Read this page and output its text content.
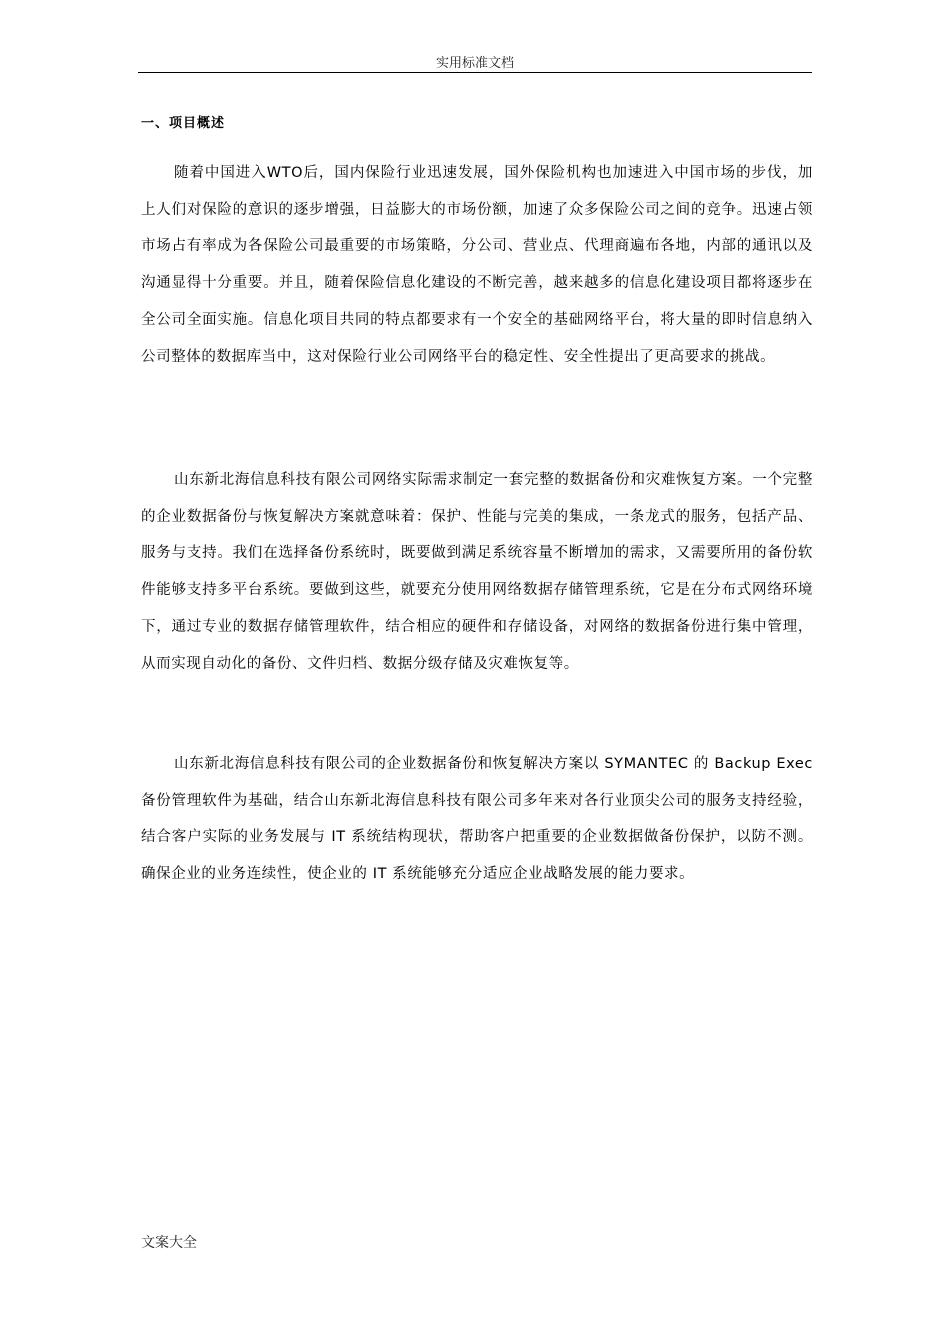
实用标准文档
一、项目概述

随着中国进入WTO后，国内保险行业迅速发展，国外保险机构也加速进入中国市场的步伐，加上人们对保险的意识的逐步增强，日益膨大的市场份额，加速了众多保险公司之间的竞争。迅速占领市场占有率成为各保险公司最重要的市场策略，分公司、营业点、代理商遍布各地，内部的通讯以及沟通显得十分重要。并且，随着保险信息化建设的不断完善，越来越多的信息化建设项目都将逐步在全公司全面实施。信息化项目共同的特点都要求有一个安全的基础网络平台，将大量的即时信息纳入公司整体的数据库当中，这对保险行业公司网络平台的稳定性、安全性提出了更高要求的挑战。

山东新北海信息科技有限公司网络实际需求制定一套完整的数据备份和灾难恢复方案。一个完整的企业数据备份与恢复解决方案就意味着：保护、性能与完美的集成，一条龙式的服务，包括产品、服务与支持。我们在选择备份系统时，既要做到满足系统容量不断增加的需求，又需要所用的备份软件能够支持多平台系统。要做到这些，就要充分使用网络数据存储管理系统，它是在分布式网络环境下，通过专业的数据存储管理软件，结合相应的硬件和存储设备，对网络的数据备份进行集中管理，从而实现自动化的备份、文件归档、数据分级存储及灾难恢复等。

山东新北海信息科技有限公司的企业数据备份和恢复解决方案以 SYMANTEC 的 Backup Exec 备份管理软件为基础，结合山东新北海信息科技有限公司多年来对各行业顶尖公司的服务支持经验，结合客户实际的业务发展与 IT 系统结构现状，帮助客户把重要的企业数据做备份保护，以防不测。确保企业的业务连续性，使企业的 IT 系统能够充分适应企业战略发展的能力要求。

文案大全
